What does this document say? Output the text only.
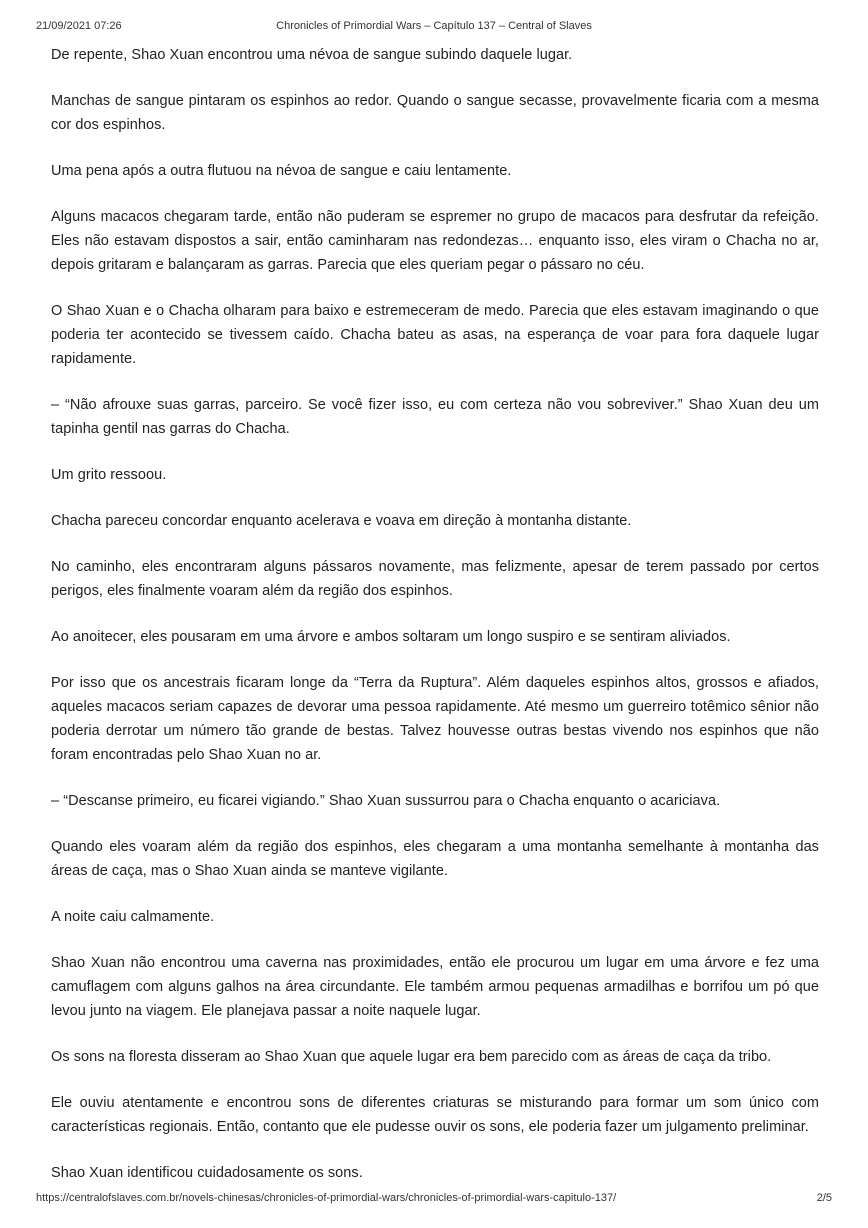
21/09/2021 07:26	Chronicles of Primordial Wars – Capítulo 137 – Central of Slaves

De repente, Shao Xuan encontrou uma névoa de sangue subindo daquele lugar.

Manchas de sangue pintaram os espinhos ao redor. Quando o sangue secasse, provavelmente ficaria com a mesma cor dos espinhos.

Uma pena após a outra flutuou na névoa de sangue e caiu lentamente.

Alguns macacos chegaram tarde, então não puderam se espremer no grupo de macacos para desfrutar da refeição. Eles não estavam dispostos a sair, então caminharam nas redondezas… enquanto isso, eles viram o Chacha no ar, depois gritaram e balançaram as garras. Parecia que eles queriam pegar o pássaro no céu.

O Shao Xuan e o Chacha olharam para baixo e estremeceram de medo. Parecia que eles estavam imaginando o que poderia ter acontecido se tivessem caído. Chacha bateu as asas, na esperança de voar para fora daquele lugar rapidamente.

– “Não afrouxe suas garras, parceiro. Se você fizer isso, eu com certeza não vou sobreviver.” Shao Xuan deu um tapinha gentil nas garras do Chacha.

Um grito ressoou.

Chacha pareceu concordar enquanto acelerava e voava em direção à montanha distante.

No caminho, eles encontraram alguns pássaros novamente, mas felizmente, apesar de terem passado por certos perigos, eles finalmente voaram além da região dos espinhos.

Ao anoitecer, eles pousaram em uma árvore e ambos soltaram um longo suspiro e se sentiram aliviados.

Por isso que os ancestrais ficaram longe da “Terra da Ruptura”. Além daqueles espinhos altos, grossos e afiados, aqueles macacos seriam capazes de devorar uma pessoa rapidamente. Até mesmo um guerreiro totêmico sênior não poderia derrotar um número tão grande de bestas. Talvez houvesse outras bestas vivendo nos espinhos que não foram encontradas pelo Shao Xuan no ar.

– “Descanse primeiro, eu ficarei vigiando.” Shao Xuan sussurrou para o Chacha enquanto o acariciava.

Quando eles voaram além da região dos espinhos, eles chegaram a uma montanha semelhante à montanha das áreas de caça, mas o Shao Xuan ainda se manteve vigilante.

A noite caiu calmamente.

Shao Xuan não encontrou uma caverna nas proximidades, então ele procurou um lugar em uma árvore e fez uma camuflagem com alguns galhos na área circundante. Ele também armou pequenas armadilhas e borrifou um pó que levou junto na viagem. Ele planejava passar a noite naquele lugar.

Os sons na floresta disseram ao Shao Xuan que aquele lugar era bem parecido com as áreas de caça da tribo.

Ele ouviu atentamente e encontrou sons de diferentes criaturas se misturando para formar um som único com características regionais. Então, contanto que ele pudesse ouvir os sons, ele poderia fazer um julgamento preliminar.

Shao Xuan identificou cuidadosamente os sons.

https://centralofslaves.com.br/novels-chinesas/chronicles-of-primordial-wars/chronicles-of-primordial-wars-capitulo-137/	2/5
